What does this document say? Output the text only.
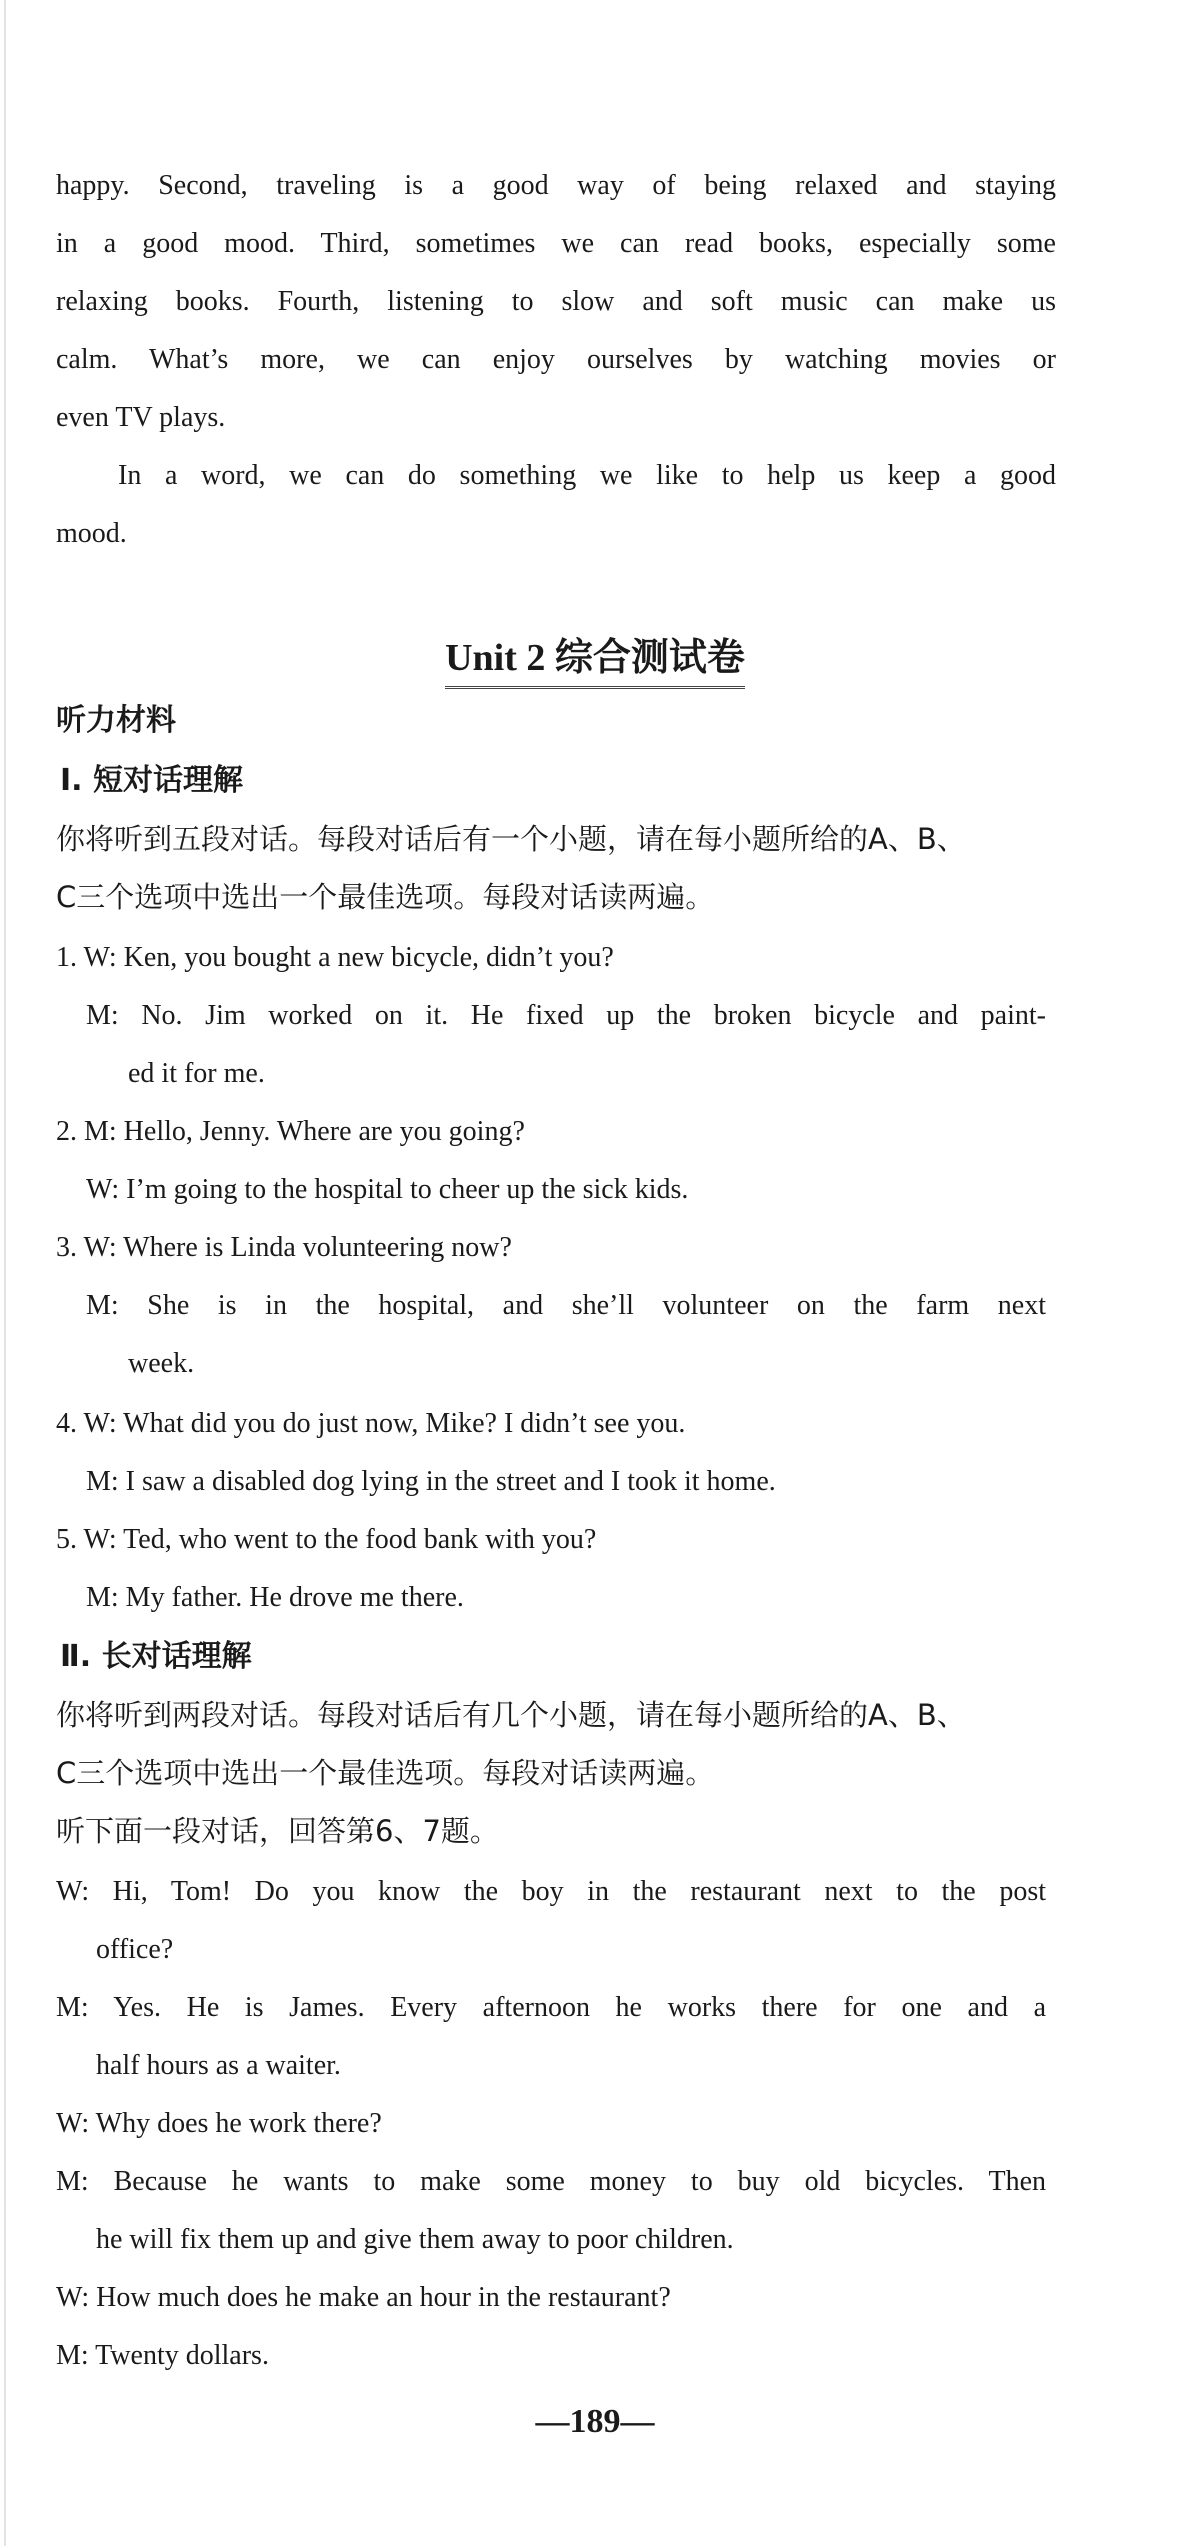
happy. Second, traveling is a good way of being relaxed and staying
in a good mood. Third, sometimes we can read books, especially some
relaxing books. Fourth, listening to slow and soft music can make us
calm. What’s more, we can enjoy ourselves by watching movies or
even TV plays.
In a word, we can do something we like to help us keep a good
mood.
Unit 2 综合测试卷
听力材料
Ⅰ. 短对话理解
你将听到五段对话。每段对话后有一个小题，请在每小题所给的A、B、
C三个选项中选出一个最佳选项。每段对话读两遍。
1. W: Ken, you bought a new bicycle, didn’t you?
M: No. Jim worked on it. He fixed up the broken bicycle and paint-
ed it for me.
2. M: Hello, Jenny. Where are you going?
W: I’m going to the hospital to cheer up the sick kids.
3. W: Where is Linda volunteering now?
M: She is in the hospital, and she’ll volunteer on the farm next
week.
4. W: What did you do just now, Mike? I didn’t see you.
M: I saw a disabled dog lying in the street and I took it home.
5. W: Ted, who went to the food bank with you?
M: My father. He drove me there.
Ⅱ. 长对话理解
你将听到两段对话。每段对话后有几个小题，请在每小题所给的A、B、
C三个选项中选出一个最佳选项。每段对话读两遍。
听下面一段对话，回答第6、7题。
W: Hi, Tom! Do you know the boy in the restaurant next to the post
office?
M: Yes. He is James. Every afternoon he works there for one and a
half hours as a waiter.
W: Why does he work there?
M: Because he wants to make some money to buy old bicycles. Then
he will fix them up and give them away to poor children.
W: How much does he make an hour in the restaurant?
M: Twenty dollars.
—189—
